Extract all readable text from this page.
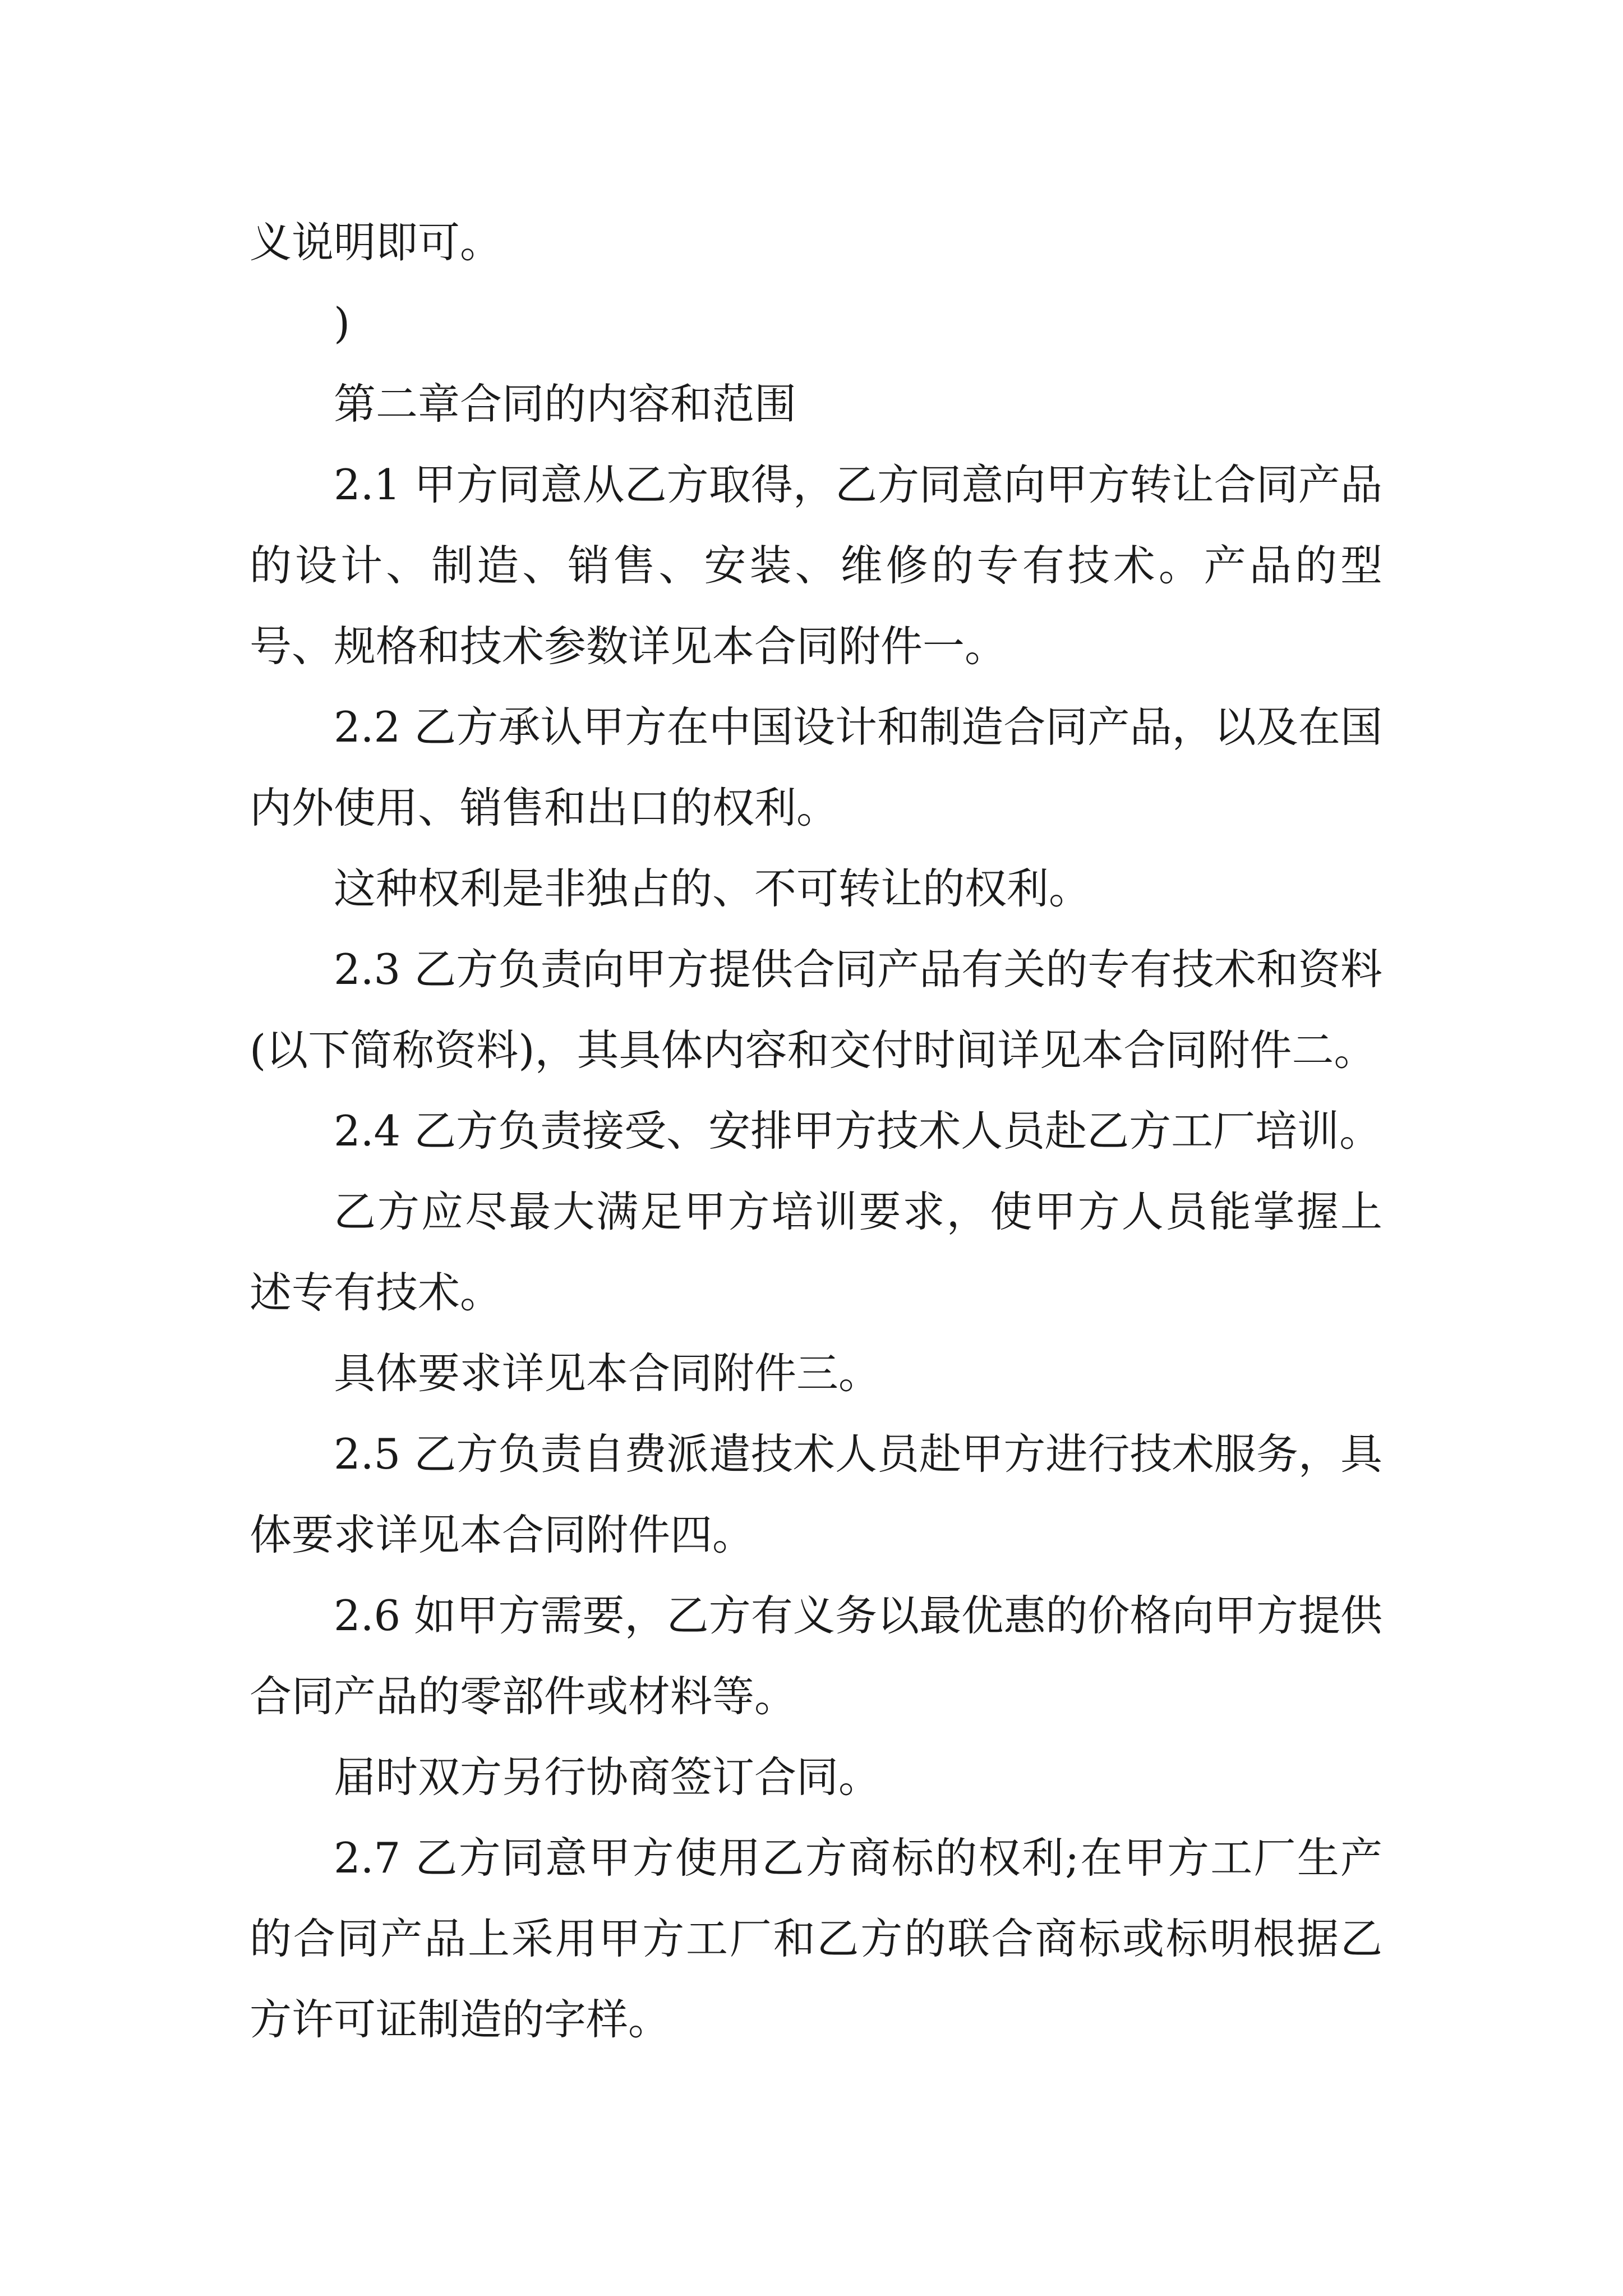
义说明即可。

)

第二章合同的内容和范围

2.1 甲方同意从乙方取得，乙方同意向甲方转让合同产品的设计、制造、销售、安装、维修的专有技术。产品的型号、规格和技术参数详见本合同附件一。

2.2 乙方承认甲方在中国设计和制造合同产品，以及在国内外使用、销售和出口的权利。

这种权利是非独占的、不可转让的权利。

2.3 乙方负责向甲方提供合同产品有关的专有技术和资料(以下简称资料)，其具体内容和交付时间详见本合同附件二。

2.4 乙方负责接受、安排甲方技术人员赴乙方工厂培训。

乙方应尽最大满足甲方培训要求，使甲方人员能掌握上述专有技术。

具体要求详见本合同附件三。

2.5 乙方负责自费派遣技术人员赴甲方进行技术服务，具体要求详见本合同附件四。

2.6 如甲方需要，乙方有义务以最优惠的价格向甲方提供合同产品的零部件或材料等。

届时双方另行协商签订合同。

2.7 乙方同意甲方使用乙方商标的权利;在甲方工厂生产的合同产品上采用甲方工厂和乙方的联合商标或标明根据乙方许可证制造的字样。
